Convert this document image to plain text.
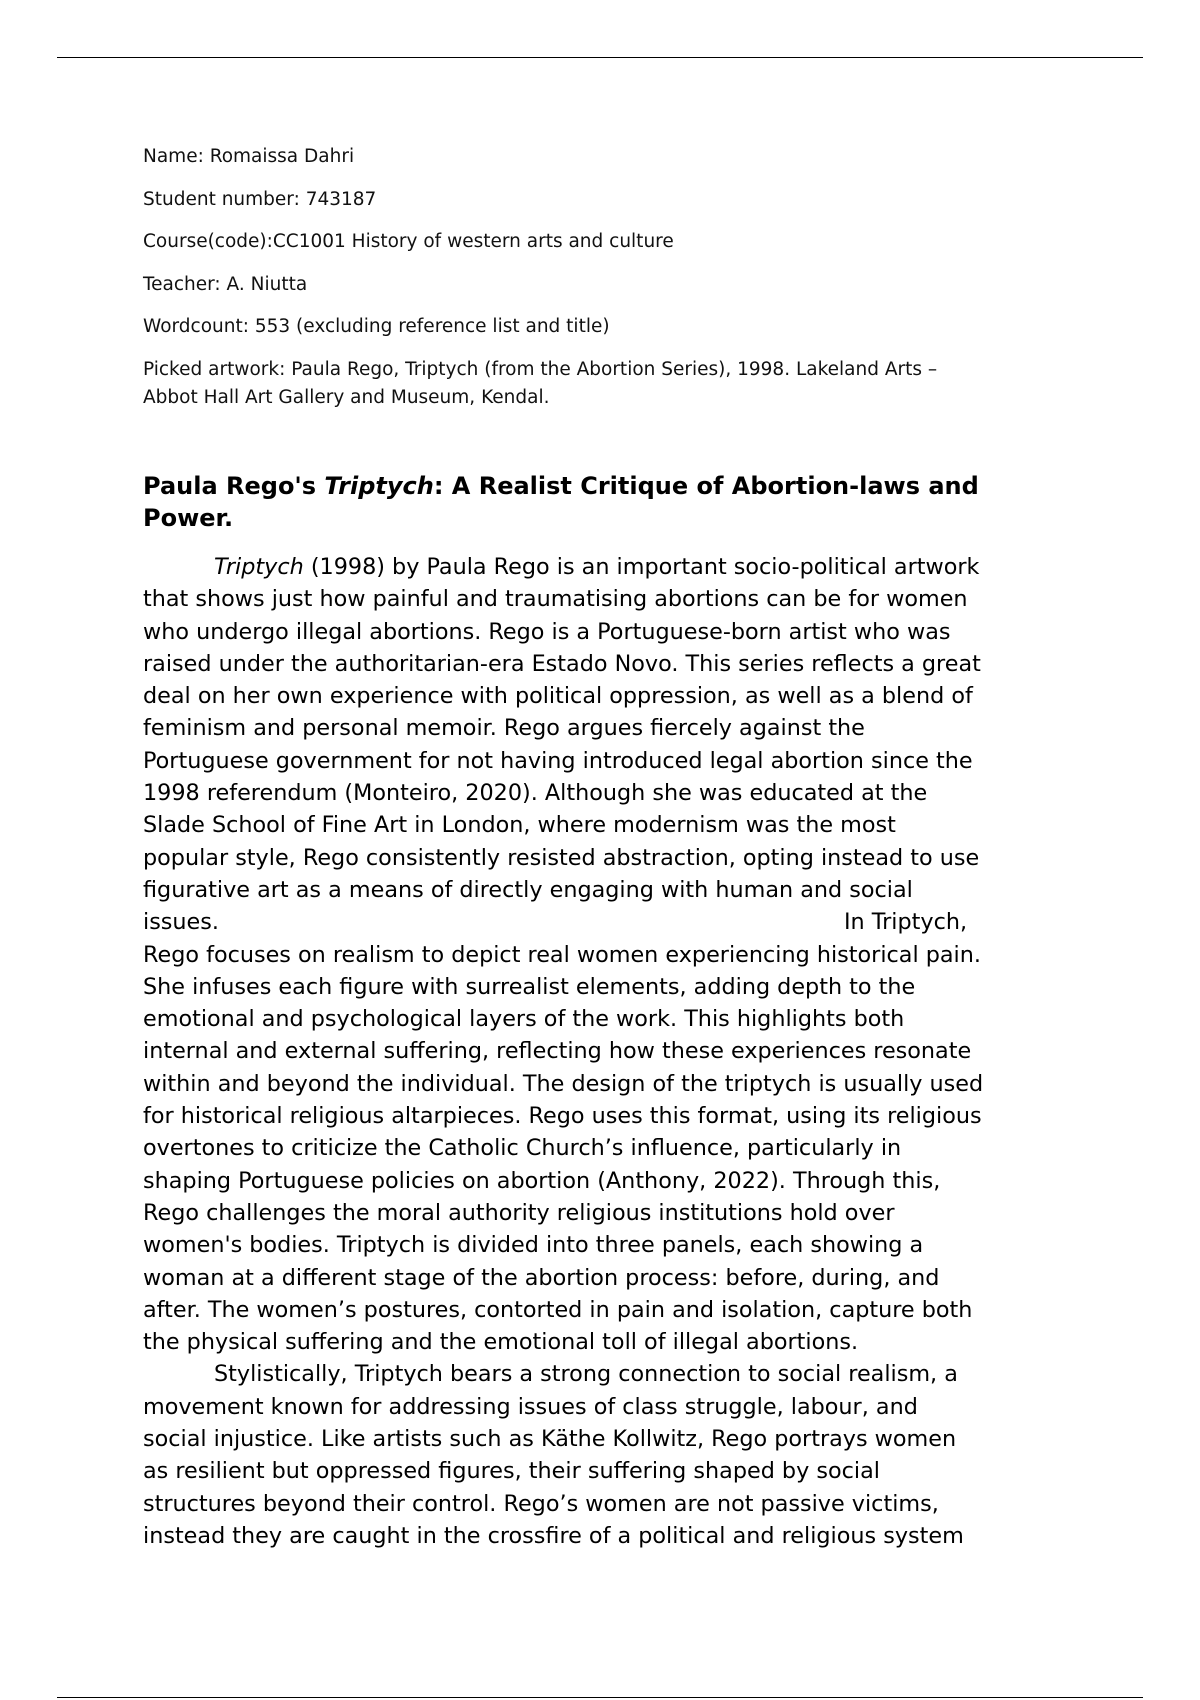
Name: Romaissa Dahri

Student number: 743187

Course(code):CC1001 History of western arts and culture

Teacher: A. Niutta

Wordcount: 553 (excluding reference list and title)

Picked artwork: Paula Rego, Triptych (from the Abortion Series), 1998. Lakeland Arts –
Abbot Hall Art Gallery and Museum, Kendal.

Paula Rego's Triptych: A Realist Critique of Abortion-laws and
Power.
Triptych (1998) by Paula Rego is an important socio-political artwork
that shows just how painful and traumatising abortions can be for women
who undergo illegal abortions. Rego is a Portuguese-born artist who was
raised under the authoritarian-era Estado Novo. This series reflects a great
deal on her own experience with political oppression, as well as a blend of
feminism and personal memoir. Rego argues fiercely against the
Portuguese government for not having introduced legal abortion since the
1998 referendum (Monteiro, 2020). Although she was educated at the
Slade School of Fine Art in London, where modernism was the most
popular style, Rego consistently resisted abstraction, opting instead to use
figurative art as a means of directly engaging with human and social
issues.	In Triptych,
Rego focuses on realism to depict real women experiencing historical pain.
She infuses each figure with surrealist elements, adding depth to the
emotional and psychological layers of the work. This highlights both
internal and external suffering, reflecting how these experiences resonate
within and beyond the individual. The design of the triptych is usually used
for historical religious altarpieces. Rego uses this format, using its religious
overtones to criticize the Catholic Church’s influence, particularly in
shaping Portuguese policies on abortion (Anthony, 2022). Through this,
Rego challenges the moral authority religious institutions hold over
women's bodies. Triptych is divided into three panels, each showing a
woman at a different stage of the abortion process: before, during, and
after. The women’s postures, contorted in pain and isolation, capture both
the physical suffering and the emotional toll of illegal abortions.
Stylistically, Triptych bears a strong connection to social realism, a
movement known for addressing issues of class struggle, labour, and
social injustice. Like artists such as Käthe Kollwitz, Rego portrays women
as resilient but oppressed figures, their suffering shaped by social
structures beyond their control. Rego’s women are not passive victims,
instead they are caught in the crossfire of a political and religious system
